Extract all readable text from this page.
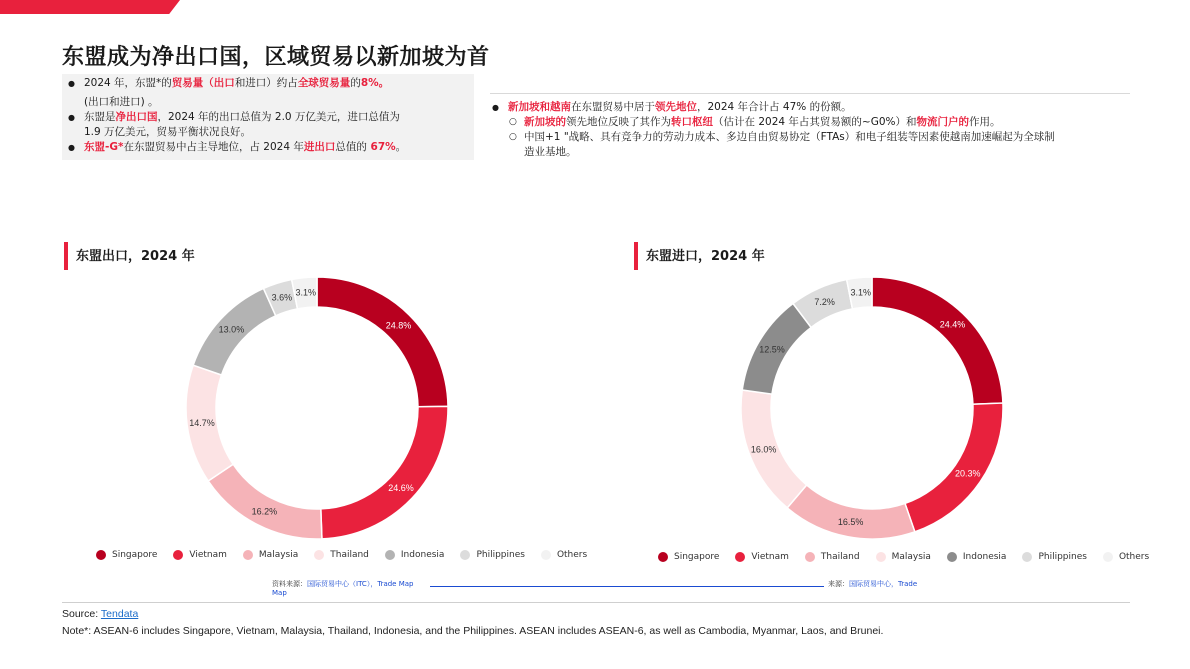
东盟成为净出口国，区域贸易以新加坡为首
● 2024 年，东盟*的贸易量（出口和进口）约占全球贸易量的8%。
(出口和进口) 。
● 东盟是净出口国，2024 年的出口总值为 2.0 万亿美元，进口总值为
1.9 万亿美元，贸易平衡状况良好。
● 东盟-G*在东盟贸易中占主导地位，占 2024 年进出口总值的 67%。
● 新加坡和越南在东盟贸易中居于领先地位，2024 年合计占 47% 的份额。
○ 新加坡的领先地位反映了其作为转口枢纽（估计在 2024 年占其贸易额的~G0%）和物流门户的作用。
○ 中国+1 "战略、具有竞争力的劳动力成本、多边自由贸易协定（FTAs）和电子组装等因素使越南加速崛起为全球制
造业基地。
东盟出口，2024 年
24.8%
24.6%
16.2%
14.7%
13.0%
3.6% 3.1%
Singapore	Vietnam	Malaysia	Thailand	Indonesia	Philippines	Others
东盟进口，2024 年
24.4%
20.3%
16.5%
16.0%
12.5%
7.2%
3.1%
Singapore	Vietnam	Thailand	Malaysia	Indonesia	Philippines	Others
资料来源：国际贸易中心（ITC），Trade Map
Map
来源：国际贸易中心，Trade
Source: Tendata
Note*: ASEAN-6 includes Singapore, Vietnam, Malaysia, Thailand, Indonesia, and the Philippines. ASEAN includes ASEAN-6, as well as Cambodia, Myanmar, Laos, and Brunei.
